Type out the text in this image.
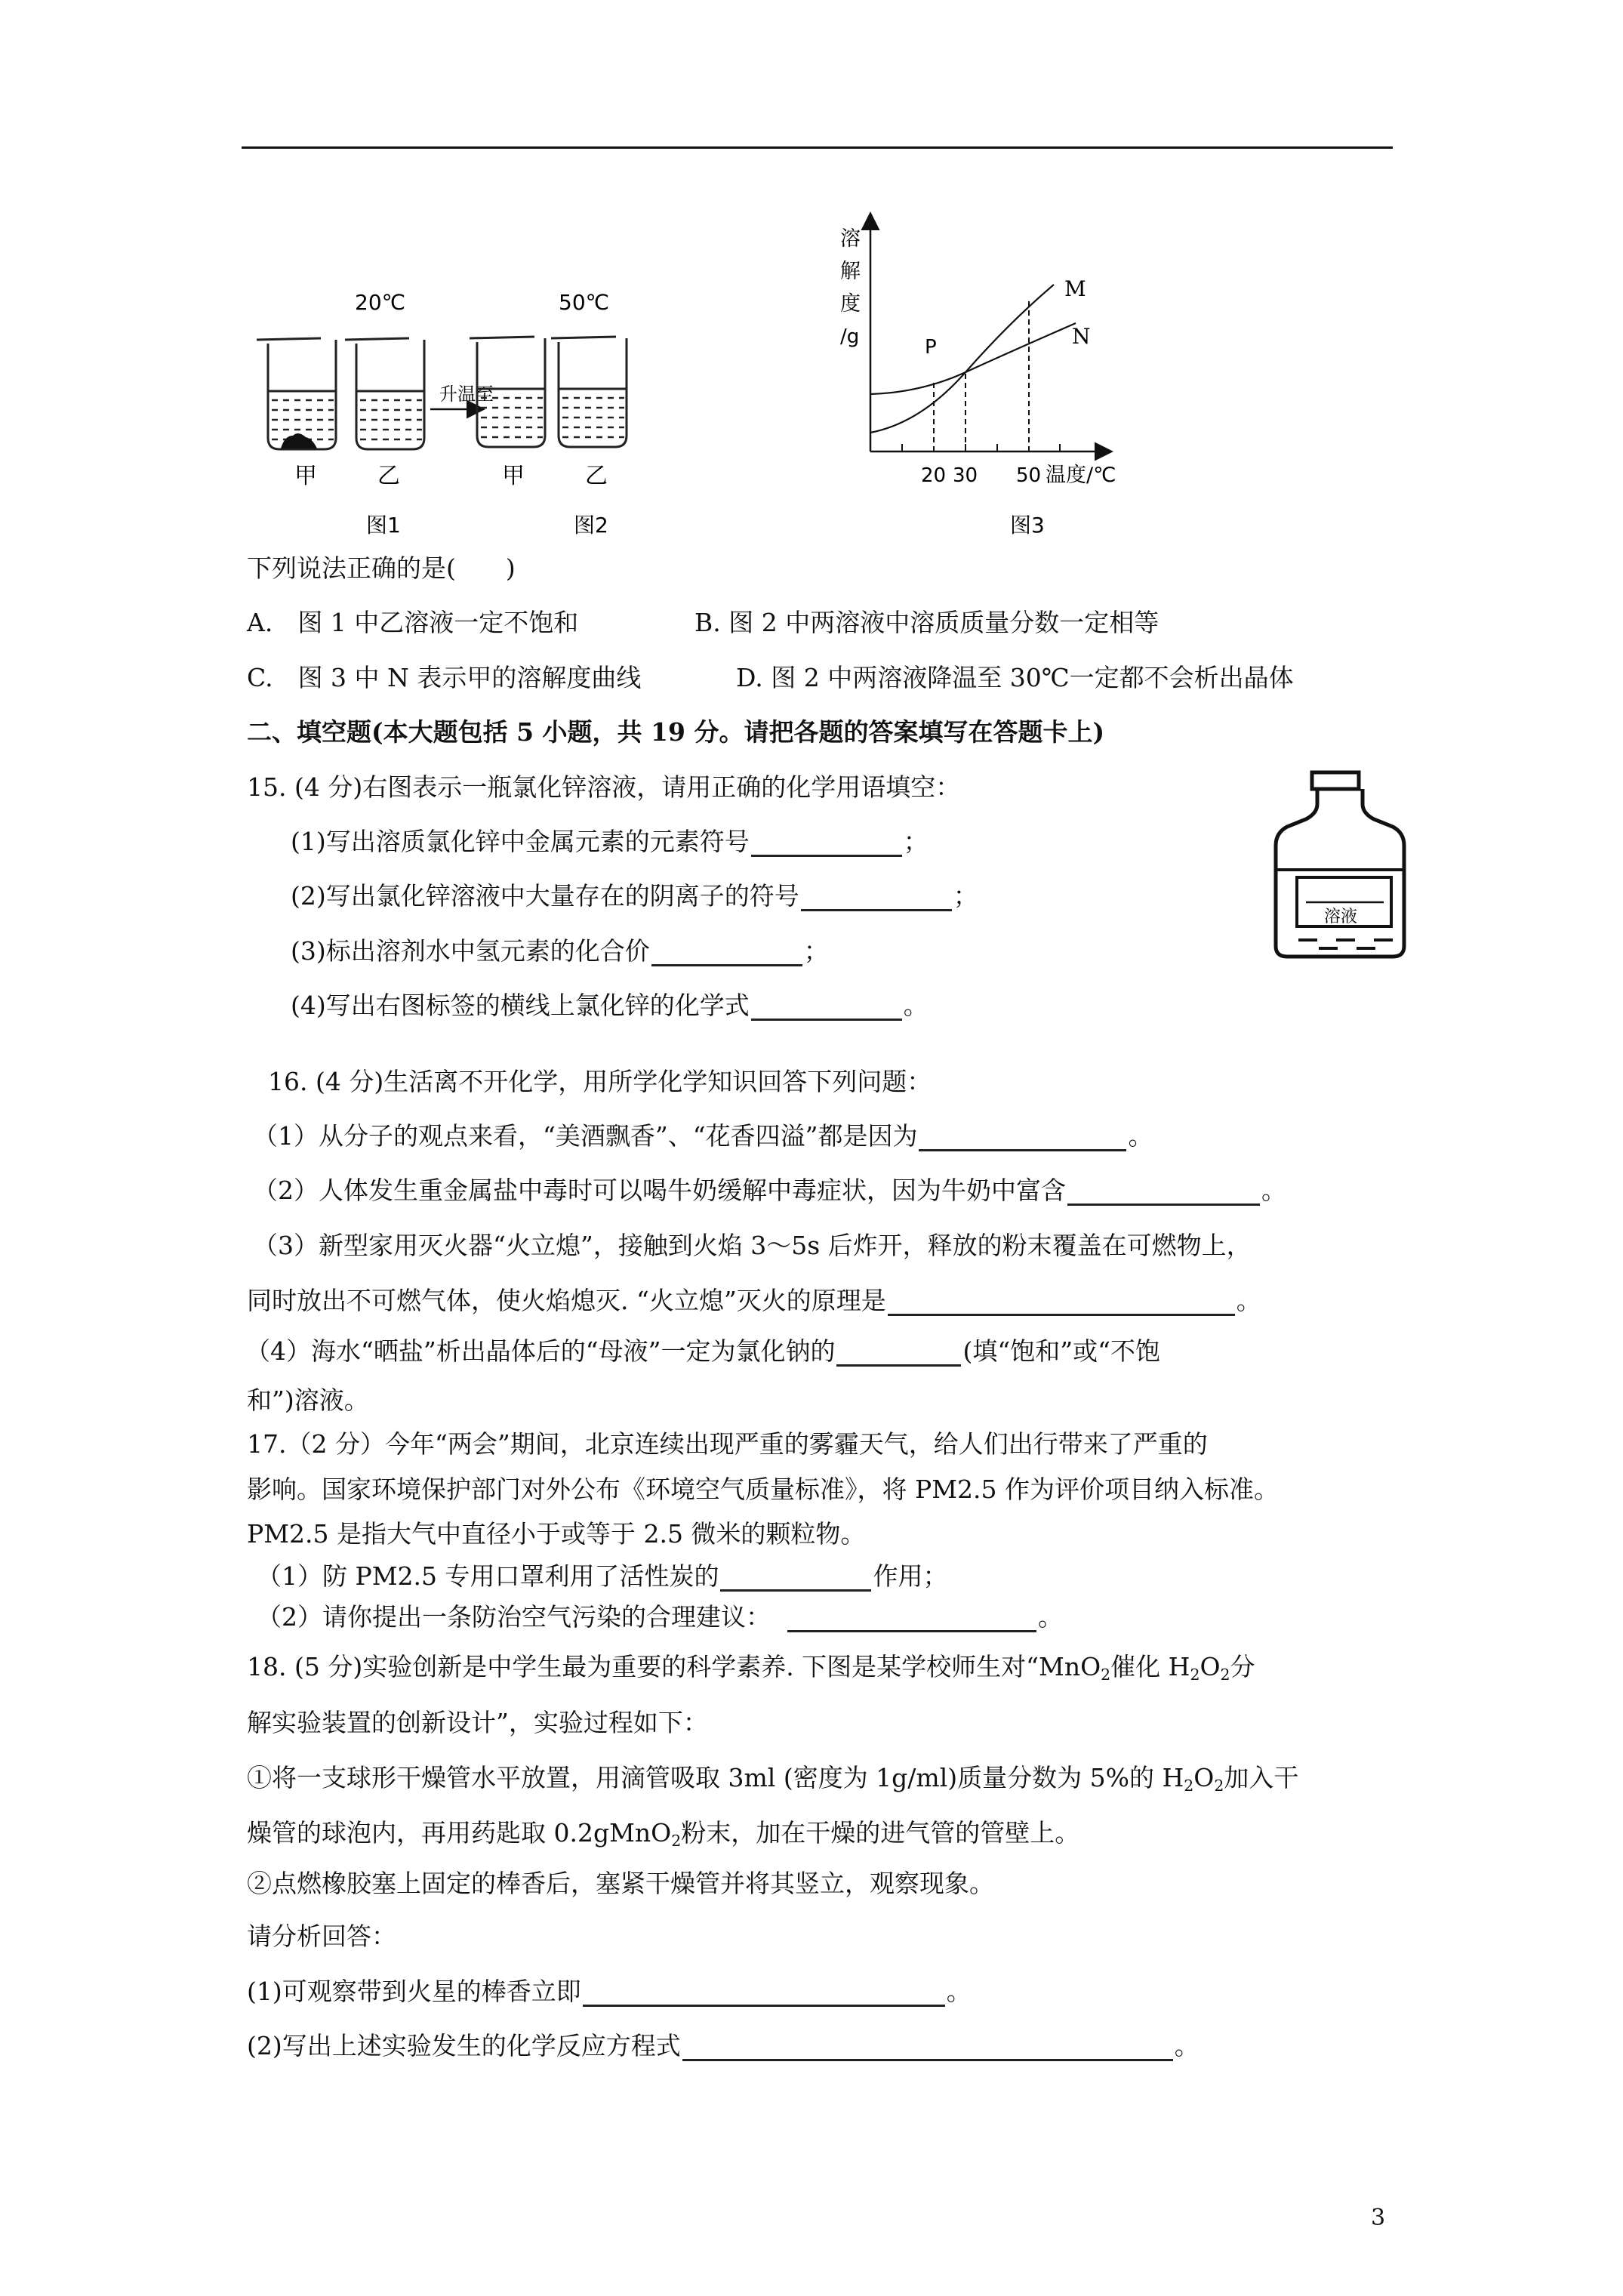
20℃
甲	乙
图1
升温至
50℃
甲	乙
图2
溶
解
度
/g	P
M
N
20 30 50 温度/℃
图3
下列说法正确的是(　　)
A.　图 1 中乙溶液一定不饱和	B. 图 2 中两溶液中溶质质量分数一定相等
C.　图 3 中 N 表示甲的溶解度曲线	D. 图 2 中两溶液降温至 30℃一定都不会析出晶体
二、填空题(本大题包括 5 小题，共 19 分。请把各题的答案填写在答题卡上)
15. (4 分)右图表示一瓶氯化锌溶液，请用正确的化学用语填空：
(1)写出溶质氯化锌中金属元素的元素符号	；
(2)写出氯化锌溶液中大量存在的阴离子的符号	；
(3)标出溶剂水中氢元素的化合价	；
(4)写出右图标签的横线上氯化锌的化学式	。
溶液
16. (4 分)生活离不开化学，用所学化学知识回答下列问题：
（1）从分子的观点来看，“美酒飘香”、“花香四溢”都是因为	。
（2）人体发生重金属盐中毒时可以喝牛奶缓解中毒症状，因为牛奶中富含	。
（3）新型家用灭火器“火立熄”，接触到火焰 3～5s 后炸开，释放的粉末覆盖在可燃物上，
同时放出不可燃气体，使火焰熄灭. “火立熄”灭火的原理是	。
（4）海水“晒盐”析出晶体后的“母液”一定为氯化钠的	(填“饱和”或“不饱
和”)溶液。
17.（2 分）今年“两会”期间，北京连续出现严重的雾霾天气，给人们出行带来了严重的
影响。国家环境保护部门对外公布《环境空气质量标准》，将 PM2.5 作为评价项目纳入标准。
PM2.5 是指大气中直径小于或等于 2.5 微米的颗粒物。
（1）防 PM2.5 专用口罩利用了活性炭的	作用；
（2）请你提出一条防治空气污染的合理建议：	。
18. (5 分)实验创新是中学生最为重要的科学素养. 下图是某学校师生对“MnO$_2$催化 $H_2O_2$分
解实验装置的创新设计”，实验过程如下：
①将一支球形干燥管水平放置，用滴管吸取 3ml (密度为 1g/ml)质量分数为 5%的 $H_2O_2$加入干
燥管的球泡内，再用药匙取 0.2gMnO$_2$粉末，加在干燥的进气管的管壁上。
②点燃橡胶塞上固定的棒香后，塞紧干燥管并将其竖立，观察现象。
请分析回答：
(1)可观察带到火星的棒香立即	。
(2)写出上述实验发生的化学反应方程式	。
3
